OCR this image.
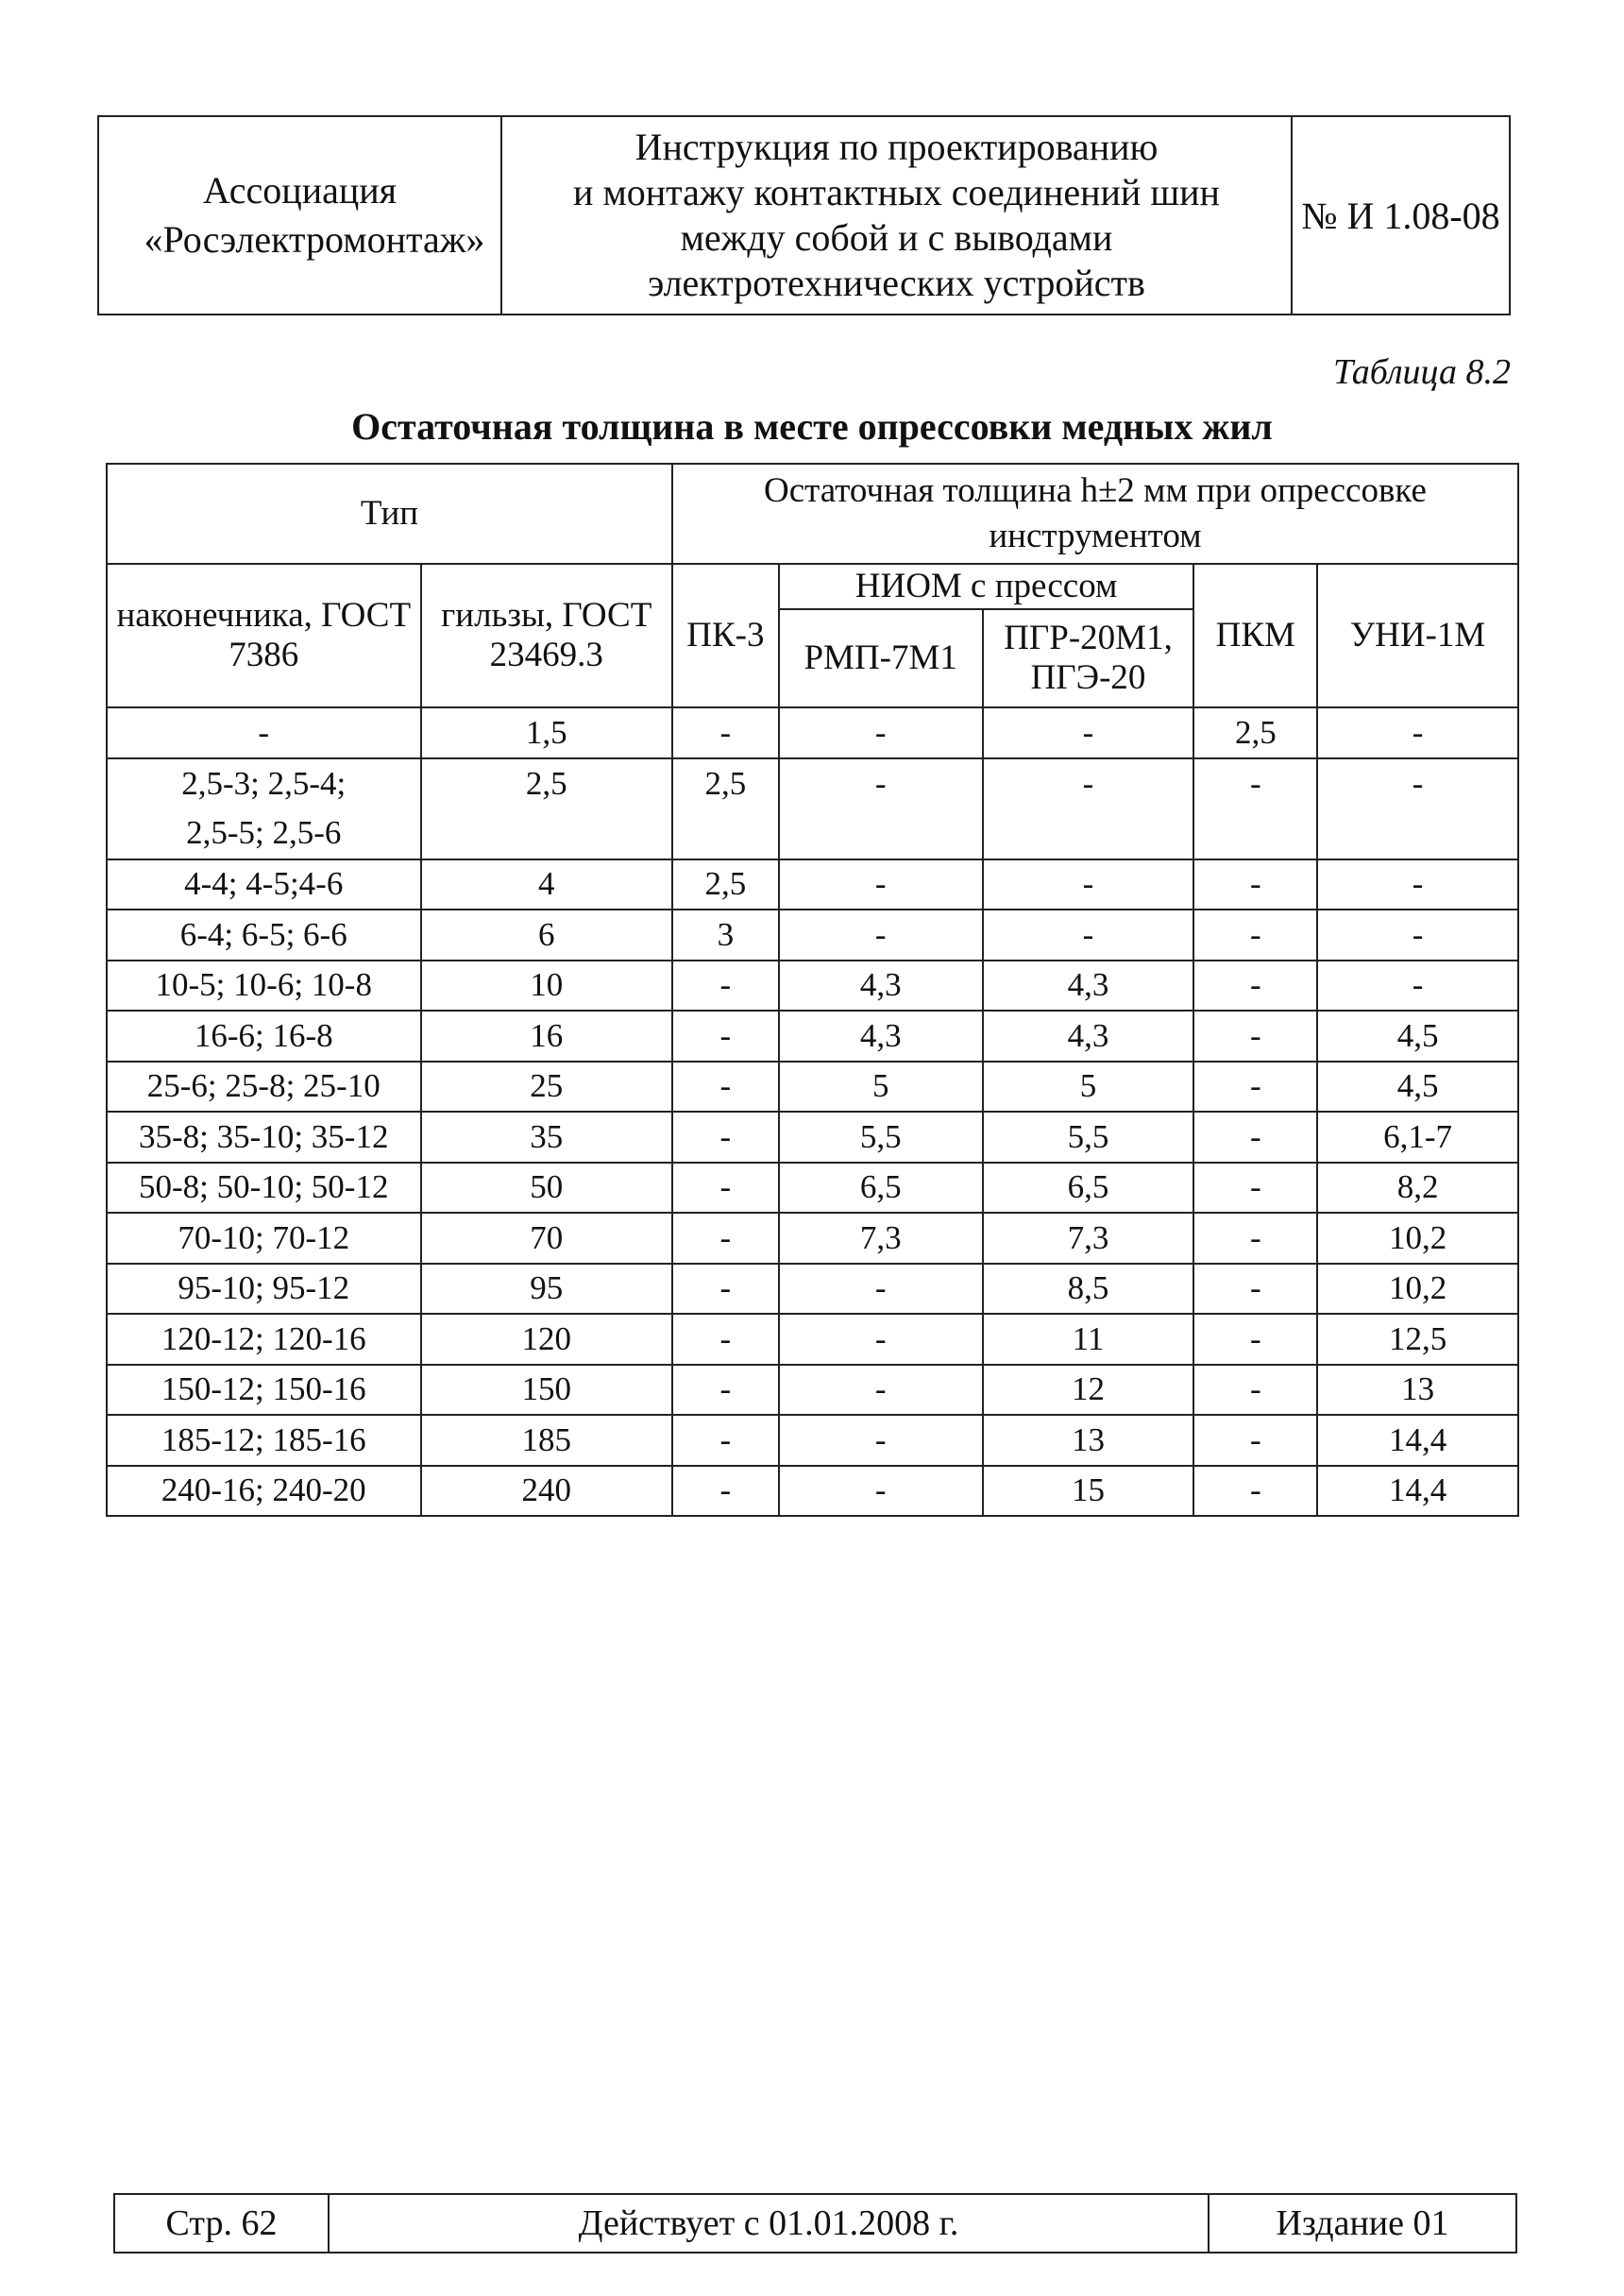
Ассоциация «Росэлектромонтаж»	
Инструкция по проектированию
и монтажу контактных соединений шин
между собой и с выводами
электротехнических устройств
	№ И 1.08-08
Таблица 8.2
Остаточная толщина в месте опрессовки медных жил
Тип		Остаточная толщина h±2 мм при опрессовке инструментом				
наконечника, ГОСТ 7386	гильзы, ГОСТ 23469.3	ПК-3	НИОМ с прессом		ПКМ	УНИ-1М
			РМП-7М1	ПГР-20М1, ПГЭ-20		

-	1,5	-	-	-	2,5	-
2,5-3; 2,5-4;	2,5	2,5	-	-	-	-
2,5-5; 2,5-6						
4-4; 4-5;4-6	4	2,5	-	-	-	-
6-4; 6-5; 6-6	6	3	-	-	-	-
10-5; 10-6; 10-8	10	-	4,3	4,3	-	-
16-6; 16-8	16	-	4,3	4,3	-	4,5
25-6; 25-8; 25-10	25	-	5	5	-	4,5
35-8; 35-10; 35-12	35	-	5,5	5,5	-	6,1-7
50-8; 50-10; 50-12	50	-	6,5	6,5	-	8,2
70-10; 70-12	70	-	7,3	7,3	-	10,2
95-10; 95-12	95	-	-	8,5	-	10,2
120-12; 120-16	120	-	-	11	-	12,5
150-12; 150-16	150	-	-	12	-	13
185-12; 185-16	185	-	-	13	-	14,4
240-16; 240-20	240	-	-	15	-	14,4
Стр. 62	Действует с 01.01.2008 г.	Издание 01
